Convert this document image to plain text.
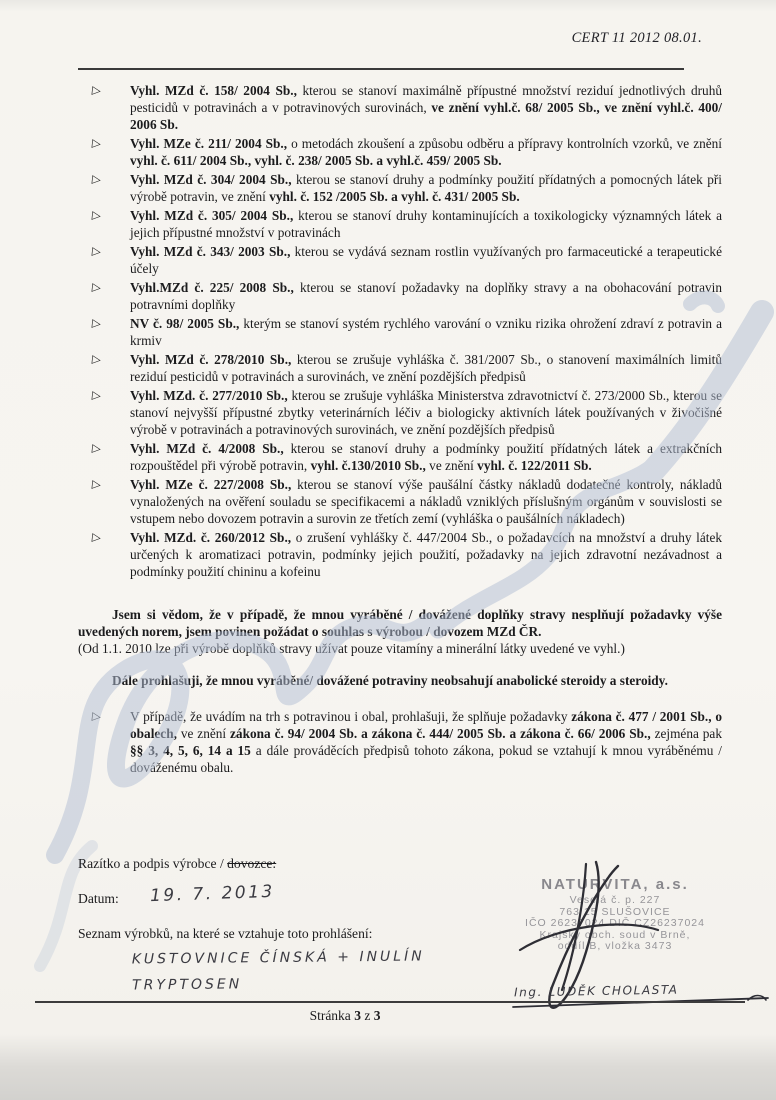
CERT 11 2012 08.01.
▷ Vyhl. MZd č. 158/ 2004 Sb., kterou se stanoví maximálně přípustné množství reziduí jednotlivých druhů pesticidů v potravinách a v potravinových surovinách, ve znění vyhl.č. 68/ 2005 Sb., ve znění vyhl.č. 400/ 2006 Sb.
▷ Vyhl. MZe č. 211/ 2004 Sb., o metodách zkoušení a způsobu odběru a přípravy kontrolních vzorků, ve znění vyhl. č. 611/ 2004 Sb., vyhl. č. 238/ 2005 Sb. a vyhl.č. 459/ 2005 Sb.
▷ Vyhl. MZd č. 304/ 2004 Sb., kterou se stanoví druhy a podmínky použití přídatných a pomocných látek při výrobě potravin, ve znění vyhl. č. 152 /2005 Sb. a vyhl. č. 431/ 2005 Sb.
▷ Vyhl. MZd č. 305/ 2004 Sb., kterou se stanoví druhy kontaminujících a toxikologicky významných látek a jejich přípustné množství v potravinách
▷ Vyhl. MZd č. 343/ 2003 Sb., kterou se vydává seznam rostlin využívaných pro farmaceutické a terapeutické účely
▷ Vyhl.MZd č. 225/ 2008 Sb., kterou se stanoví požadavky na doplňky stravy a na obohacování potravin potravními doplňky
▷ NV č. 98/ 2005 Sb., kterým se stanoví systém rychlého varování o vzniku rizika ohrožení zdraví z potravin a krmiv
▷ Vyhl. MZd č. 278/2010 Sb., kterou se zrušuje vyhláška č. 381/2007 Sb., o stanovení maximálních limitů reziduí pesticidů v potravinách a surovinách, ve znění pozdějších předpisů
▷ Vyhl. MZd. č. 277/2010 Sb., kterou se zrušuje vyhláška Ministerstva zdravotnictví č. 273/2000 Sb., kterou se stanoví nejvyšší přípustné zbytky veterinárních léčiv a biologicky aktivních látek používaných v živočišné výrobě v potravinách a potravinových surovinách, ve znění pozdějších předpisů
▷ Vyhl. MZd č. 4/2008 Sb., kterou se stanoví druhy a podmínky použití přídatných látek a extrakčních rozpouštědel při výrobě potravin, vyhl. č.130/2010 Sb., ve znění vyhl. č. 122/2011 Sb.
▷ Vyhl. MZe č. 227/2008 Sb., kterou se stanoví výše paušální částky nákladů dodatečné kontroly, nákladů vynaložených na ověření souladu se specifikacemi a nákladů vzniklých příslušným orgánům v souvislosti se vstupem nebo dovozem potravin a surovin ze třetích zemí (vyhláška o paušálních nákladech)
▷ Vyhl. MZd. č. 260/2012 Sb., o zrušení vyhlášky č. 447/2004 Sb., o požadavcích na množství a druhy látek určených k aromatizaci potravin, podmínky jejich použití, požadavky na jejich zdravotní nezávadnost a podmínky použití chininu a kofeinu

Jsem si vědom, že v případě, že mnou vyráběné / dovážené doplňky stravy nesplňují požadavky výše uvedených norem, jsem povinen požádat o souhlas s výrobou / dovozem MZd ČR.

(Od 1.1. 2010 lze při výrobě doplňků stravy užívat pouze vitamíny a minerální látky uvedené ve vyhl.)

Dále prohlašuji, že mnou vyráběné/ dovážené potraviny neobsahují anabolické steroidy a steroidy.

▷ V případě, že uvádím na trh s potravinou i obal, prohlašuji, že splňuje požadavky zákona č. 477 / 2001 Sb., o obalech, ve znění zákona č. 94/ 2004 Sb. a zákona č. 444/ 2005 Sb. a zákona č. 66/ 2006 Sb., zejména pak §§ 3, 4, 5, 6, 14 a 15 a dále prováděcích předpisů tohoto zákona, pokud se vztahují k mnou vyráběnému / dováženému obalu.
Razítko a podpis výrobce / dovozce:
Datum: 19. 7. 2013
Seznam výrobků, na které se vztahuje toto prohlášení:
KUSTOVNICE ČÍNSKÁ + INULÍN
TRYPTOSEN
NATURVITA, a.s.
Veselá č. p. 227
763 15 SLUŠOVICE
IČO 26237024 DIČ CZ26237024
Krajský obch. soud v Brně,
oddíl B, vložka 3473
Ing. LUDĚK CHOLASTA
Stránka 3 z 3
